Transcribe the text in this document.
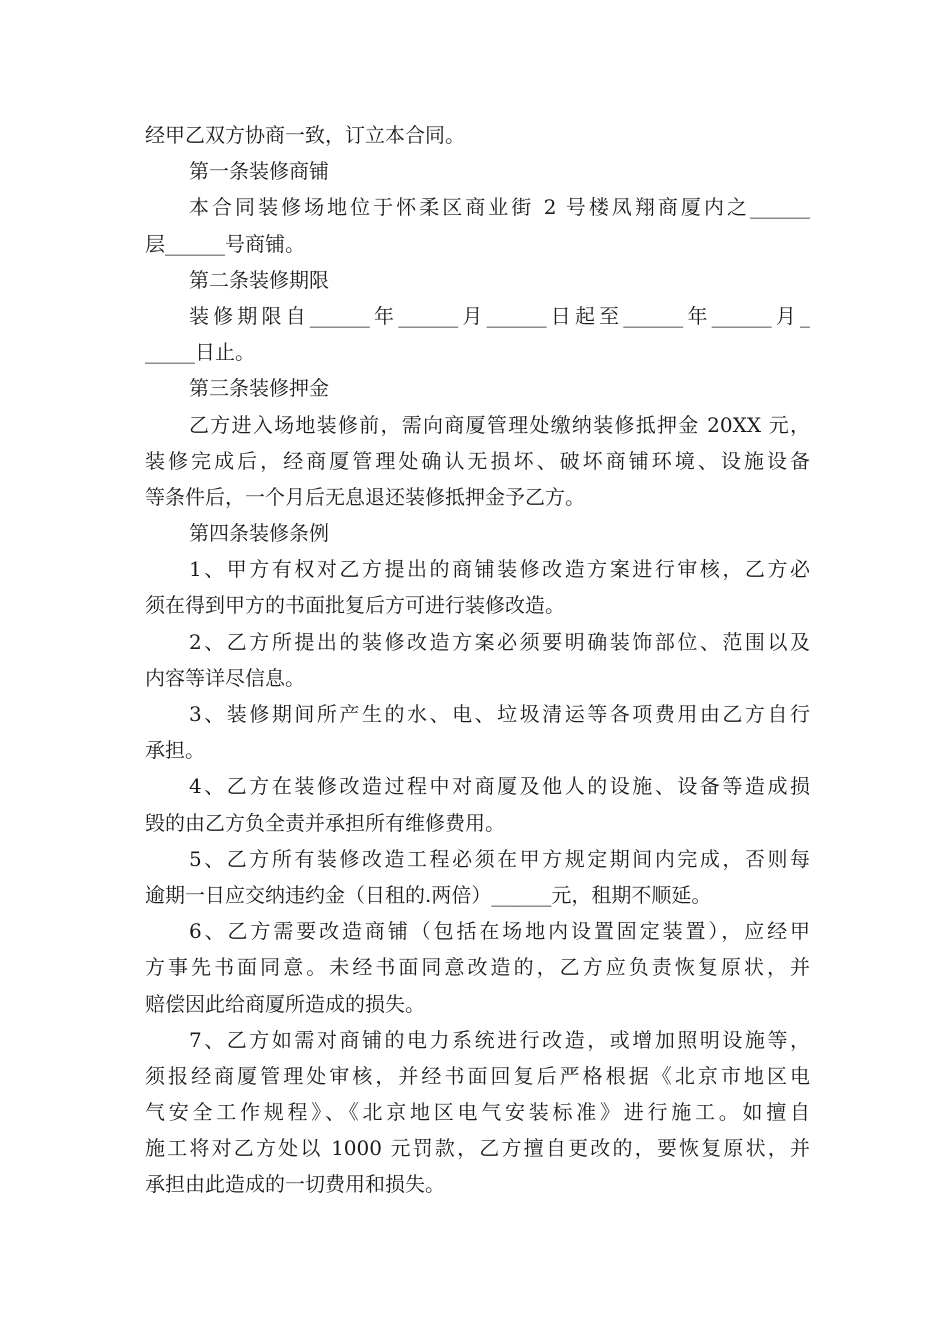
经甲乙双方协商一致，订立本合同。
第一条装修商铺
本合同装修场地位于怀柔区商业街 2 号楼凤翔商厦内之______
层______号商铺。
第二条装修期限
装修期限自______年______月______日起至______年______月_
_____日止。
第三条装修押金
乙方进入场地装修前，需向商厦管理处缴纳装修抵押金 20XX 元，
装修完成后，经商厦管理处确认无损坏、破坏商铺环境、设施设备
等条件后，一个月后无息退还装修抵押金予乙方。
第四条装修条例
1、甲方有权对乙方提出的商铺装修改造方案进行审核，乙方必
须在得到甲方的书面批复后方可进行装修改造。
2、乙方所提出的装修改造方案必须要明确装饰部位、范围以及
内容等详尽信息。
3、装修期间所产生的水、电、垃圾清运等各项费用由乙方自行
承担。
4、乙方在装修改造过程中对商厦及他人的设施、设备等造成损
毁的由乙方负全责并承担所有维修费用。
5、乙方所有装修改造工程必须在甲方规定期间内完成，否则每
逾期一日应交纳违约金（日租的.两倍）______元，租期不顺延。
6、乙方需要改造商铺（包括在场地内设置固定装置），应经甲
方事先书面同意。未经书面同意改造的，乙方应负责恢复原状，并
赔偿因此给商厦所造成的损失。
7、乙方如需对商铺的电力系统进行改造，或增加照明设施等，
须报经商厦管理处审核，并经书面回复后严格根据《北京市地区电
气安全工作规程》、《北京地区电气安装标准》进行施工。如擅自
施工将对乙方处以 1000 元罚款，乙方擅自更改的，要恢复原状，并
承担由此造成的一切费用和损失。
